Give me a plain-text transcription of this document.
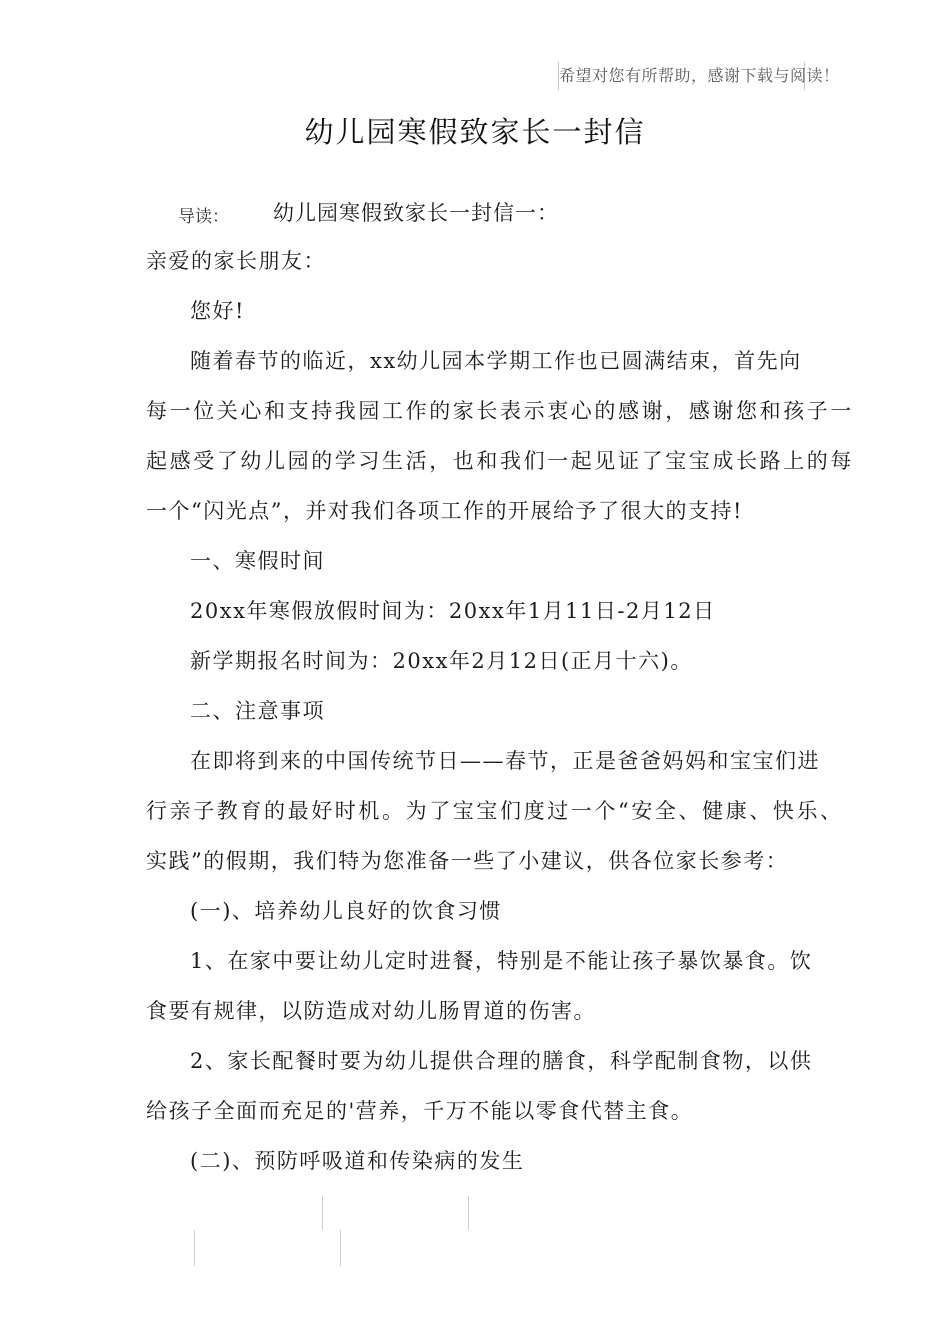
希望对您有所帮助，感谢下载与阅读！
幼儿园寒假致家长一封信
导读： 幼儿园寒假致家长一封信一：
亲爱的家长朋友：
您好!
随着春节的临近，xx幼儿园本学期工作也已圆满结束，首先向
每一位关心和支持我园工作的家长表示衷心的感谢，感谢您和孩子一
起感受了幼儿园的学习生活，也和我们一起见证了宝宝成长路上的每
一个“闪光点”，并对我们各项工作的开展给予了很大的支持!
一、寒假时间
20xx年寒假放假时间为：20xx年1月11日-2月12日
新学期报名时间为：20xx年2月12日(正月十六)。
二、注意事项
在即将到来的中国传统节日——春节，正是爸爸妈妈和宝宝们进
行亲子教育的最好时机。为了宝宝们度过一个“安全、健康、快乐、
实践”的假期，我们特为您准备一些了小建议，供各位家长参考：
(一)、培养幼儿良好的饮食习惯
1、在家中要让幼儿定时进餐，特别是不能让孩子暴饮暴食。饮
食要有规律，以防造成对幼儿肠胃道的伤害。
2、家长配餐时要为幼儿提供合理的膳食，科学配制食物，以供
给孩子全面而充足的'营养，千万不能以零食代替主食。
(二)、预防呼吸道和传染病的发生
